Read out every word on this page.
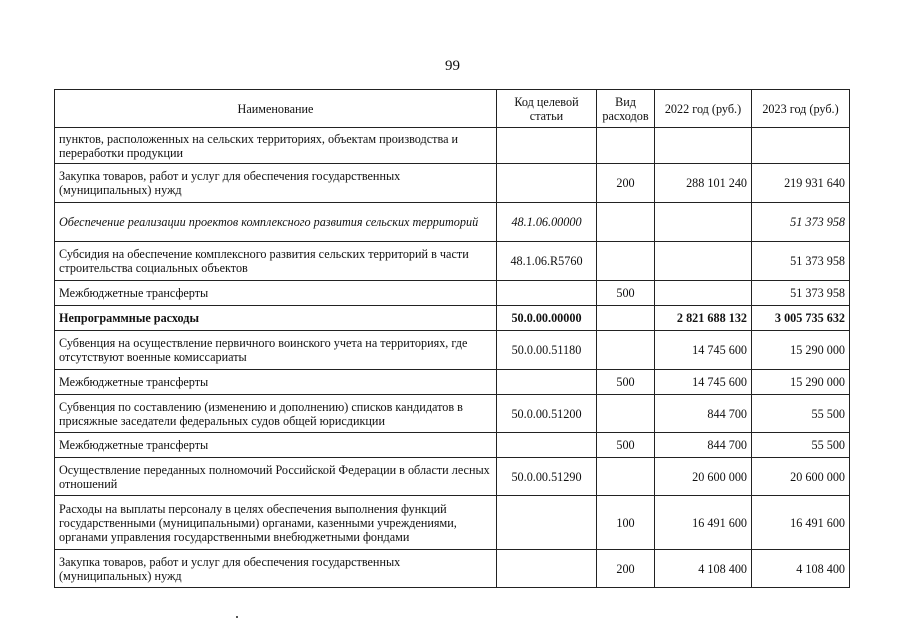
99
Наименование	Код целевой статьи	Вид расходов	2022 год (руб.)	2023 год (руб.)
пунктов, расположенных на сельских территориях, объектам производства и переработки продукции				
Закупка товаров, работ и услуг для обеспечения государственных (муниципальных) нужд		200	288 101 240	219 931 640
Обеспечение реализации проектов комплексного развития сельских территорий	48.1.06.00000			51 373 958
Субсидия на обеспечение комплексного развития сельских территорий в части строительства социальных объектов	48.1.06.R5760			51 373 958
Межбюджетные трансферты		500		51 373 958
Непрограммные расходы	50.0.00.00000		2 821 688 132	3 005 735 632
Субвенция на осуществление первичного воинского учета на территориях, где отсутствуют военные комиссариаты	50.0.00.51180		14 745 600	15 290 000
Межбюджетные трансферты		500	14 745 600	15 290 000
Субвенция по составлению (изменению и дополнению) списков кандидатов в присяжные заседатели федеральных судов общей юрисдикции	50.0.00.51200		844 700	55 500
Межбюджетные трансферты		500	844 700	55 500
Осуществление переданных полномочий Российской Федерации в области лесных отношений	50.0.00.51290		20 600 000	20 600 000
Расходы на выплаты персоналу в целях обеспечения выполнения функций государственными (муниципальными) органами, казенными учреждениями, органами управления государственными внебюджетными фондами		100	16 491 600	16 491 600
Закупка товаров, работ и услуг для обеспечения государственных (муниципальных) нужд		200	4 108 400	4 108 400
